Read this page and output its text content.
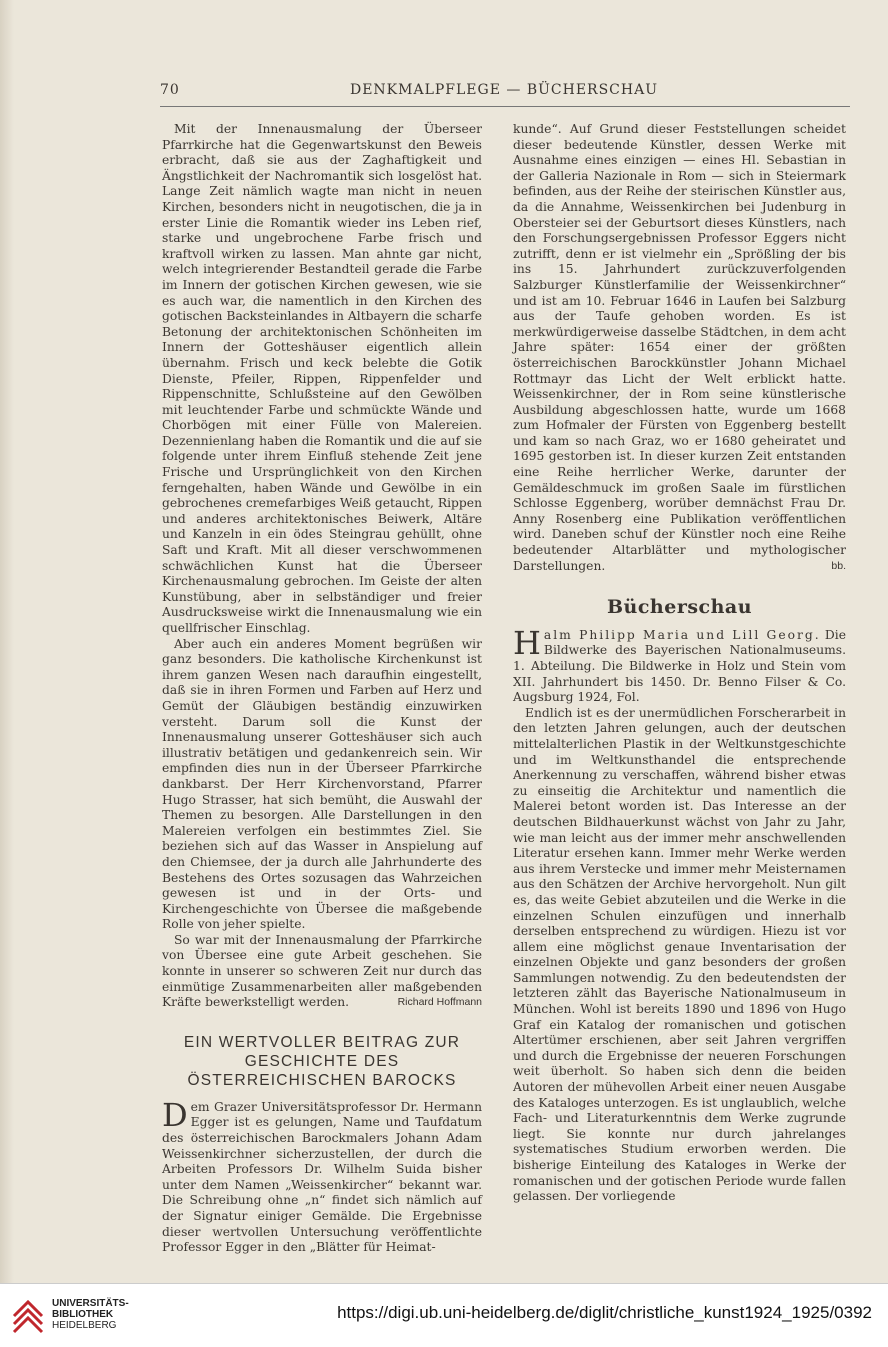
70	DENKMALPFLEGE — BÜCHERSCHAU

Mit der Innenausmalung der Überseer Pfarrkirche hat die Gegenwartskunst den Beweis erbracht, daß sie aus der Zaghaftigkeit und Ängstlichkeit der Nachromantik sich losgelöst hat. Lange Zeit nämlich wagte man nicht in neuen Kirchen, besonders nicht in neugotischen, die ja in erster Linie die Romantik wieder ins Leben rief, starke und ungebrochene Farbe frisch und kraftvoll wirken zu lassen. Man ahnte gar nicht, welch integrierender Bestandteil gerade die Farbe im Innern der gotischen Kirchen gewesen, wie sie es auch war, die namentlich in den Kirchen des gotischen Backsteinlandes in Altbayern die scharfe Betonung der architektonischen Schönheiten im Innern der Gotteshäuser eigentlich allein übernahm. Frisch und keck belebte die Gotik Dienste, Pfeiler, Rippen, Rippenfelder und Rippenschnitte, Schlußsteine auf den Gewölben mit leuchtender Farbe und schmückte Wände und Chorbögen mit einer Fülle von Malereien. Dezennienlang haben die Romantik und die auf sie folgende unter ihrem Einfluß stehende Zeit jene Frische und Ursprünglichkeit von den Kirchen ferngehalten, haben Wände und Gewölbe in ein gebrochenes cremefarbiges Weiß getaucht, Rippen und anderes architektonisches Beiwerk, Altäre und Kanzeln in ein ödes Steingrau gehüllt, ohne Saft und Kraft. Mit all dieser verschwommenen schwächlichen Kunst hat die Überseer Kirchenausmalung gebrochen. Im Geiste der alten Kunstübung, aber in selbständiger und freier Ausdrucksweise wirkt die Innenausmalung wie ein quellfrischer Einschlag.

Aber auch ein anderes Moment begrüßen wir ganz besonders. Die katholische Kirchenkunst ist ihrem ganzen Wesen nach daraufhin eingestellt, daß sie in ihren Formen und Farben auf Herz und Gemüt der Gläubigen beständig einzuwirken versteht. Darum soll die Kunst der Innenausmalung unserer Gotteshäuser sich auch illustrativ betätigen und gedankenreich sein. Wir empfinden dies nun in der Überseer Pfarrkirche dankbarst. Der Herr Kirchenvorstand, Pfarrer Hugo Strasser, hat sich bemüht, die Auswahl der Themen zu besorgen. Alle Darstellungen in den Malereien verfolgen ein bestimmtes Ziel. Sie beziehen sich auf das Wasser in Anspielung auf den Chiemsee, der ja durch alle Jahrhunderte des Bestehens des Ortes sozusagen das Wahrzeichen gewesen ist und in der Orts- und Kirchengeschichte von Übersee die maßgebende Rolle von jeher spielte.

So war mit der Innenausmalung der Pfarrkirche von Übersee eine gute Arbeit geschehen. Sie konnte in unserer so schweren Zeit nur durch das einmütige Zusammenarbeiten aller maßgebenden Kräfte bewerkstelligt werden.	Richard Hoffmann

EIN WERTVOLLER BEITRAG ZUR GESCHICHTE DES ÖSTERREICHISCHEN BAROCKS

Dem Grazer Universitätsprofessor Dr. Hermann Egger ist es gelungen, Name und Taufdatum des österreichischen Barockmalers Johann Adam Weissenkirchner sicherzustellen, der durch die Arbeiten Professors Dr. Wilhelm Suida bisher unter dem Namen „Weissenkircher“ bekannt war. Die Schreibung ohne „n“ findet sich nämlich auf der Signatur einiger Gemälde. Die Ergebnisse dieser wertvollen Untersuchung veröffentlichte Professor Egger in den „Blätter für Heimat-

kunde“. Auf Grund dieser Feststellungen scheidet dieser bedeutende Künstler, dessen Werke mit Ausnahme eines einzigen — eines Hl. Sebastian in der Galleria Nazionale in Rom — sich in Steiermark befinden, aus der Reihe der steirischen Künstler aus, da die Annahme, Weissenkirchen bei Judenburg in Obersteier sei der Geburtsort dieses Künstlers, nach den Forschungsergebnissen Professor Eggers nicht zutrifft, denn er ist vielmehr ein „Sprößling der bis ins 15. Jahrhundert zurückzuverfolgenden Salzburger Künstlerfamilie der Weissenkirchner“ und ist am 10. Februar 1646 in Laufen bei Salzburg aus der Taufe gehoben worden. Es ist merkwürdigerweise dasselbe Städtchen, in dem acht Jahre später: 1654 einer der größten österreichischen Barockkünstler Johann Michael Rottmayr das Licht der Welt erblickt hatte. Weissenkirchner, der in Rom seine künstlerische Ausbildung abgeschlossen hatte, wurde um 1668 zum Hofmaler der Fürsten von Eggenberg bestellt und kam so nach Graz, wo er 1680 geheiratet und 1695 gestorben ist. In dieser kurzen Zeit entstanden eine Reihe herrlicher Werke, darunter der Gemäldeschmuck im großen Saale im fürstlichen Schlosse Eggenberg, worüber demnächst Frau Dr. Anny Rosenberg eine Publikation veröffentlichen wird. Daneben schuf der Künstler noch eine Reihe bedeutender Altarblätter und mythologischer Darstellungen.	bb.

Bücherschau

Halm Philipp Maria und Lill Georg. Die Bildwerke des Bayerischen Nationalmuseums. 1. Abteilung. Die Bildwerke in Holz und Stein vom XII. Jahrhundert bis 1450. Dr. Benno Filser & Co. Augsburg 1924, Fol.

Endlich ist es der unermüdlichen Forscherarbeit in den letzten Jahren gelungen, auch der deutschen mittelalterlichen Plastik in der Weltkunstgeschichte und im Weltkunsthandel die entsprechende Anerkennung zu verschaffen, während bisher etwas zu einseitig die Architektur und namentlich die Malerei betont worden ist. Das Interesse an der deutschen Bildhauerkunst wächst von Jahr zu Jahr, wie man leicht aus der immer mehr anschwellenden Literatur ersehen kann. Immer mehr Werke werden aus ihrem Verstecke und immer mehr Meisternamen aus den Schätzen der Archive hervorgeholt. Nun gilt es, das weite Gebiet abzuteilen und die Werke in die einzelnen Schulen einzufügen und innerhalb derselben entsprechend zu würdigen. Hiezu ist vor allem eine möglichst genaue Inventarisation der einzelnen Objekte und ganz besonders der großen Sammlungen notwendig. Zu den bedeutendsten der letzteren zählt das Bayerische Nationalmuseum in München. Wohl ist bereits 1890 und 1896 von Hugo Graf ein Katalog der romanischen und gotischen Altertümer erschienen, aber seit Jahren vergriffen und durch die Ergebnisse der neueren Forschungen weit überholt. So haben sich denn die beiden Autoren der mühevollen Arbeit einer neuen Ausgabe des Kataloges unterzogen. Es ist unglaublich, welche Fach- und Literaturkenntnis dem Werke zugrunde liegt. Sie konnte nur durch jahrelanges systematisches Studium erworben werden. Die bisherige Einteilung des Kataloges in Werke der romanischen und der gotischen Periode wurde fallen gelassen. Der vorliegende

UNIVERSITÄTS-
BIBLIOTHEK
HEIDELBERG
https://digi.ub.uni-heidelberg.de/diglit/christliche_kunst1924_1925/0392
